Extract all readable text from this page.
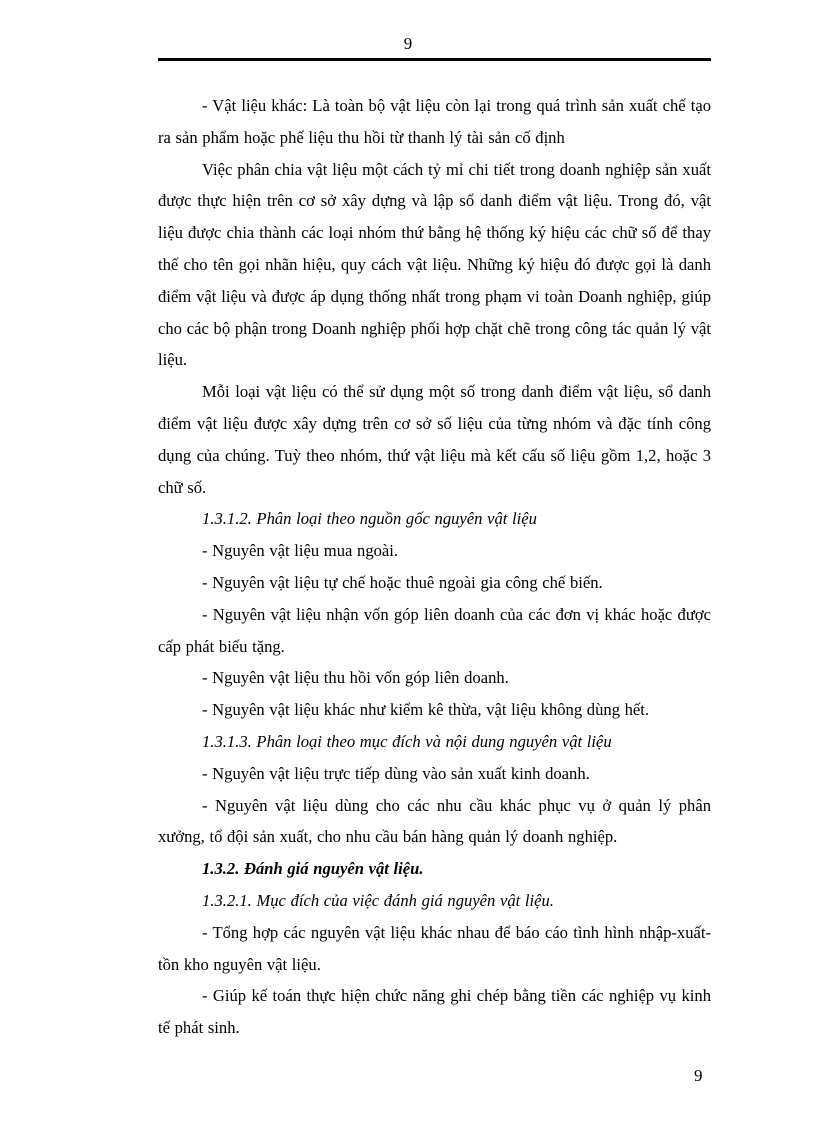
9

- Vật liệu khác: Là toàn bộ vật liệu còn lại trong quá trình sản xuất chế tạo ra sản phẩm hoặc phế liệu thu hồi từ thanh lý tài sản cố định

Việc phân chia vật liệu một cách tỷ mỉ chi tiết trong doanh nghiệp sản xuất được thực hiện trên cơ sở xây dựng và lập sổ danh điểm vật liệu. Trong đó, vật liệu được chia thành các loại nhóm thứ bằng hệ thống ký hiệu các chữ số để thay thế cho tên gọi nhãn hiệu, quy cách vật liệu. Những ký hiệu đó được gọi là danh điểm vật liệu và được áp dụng thống nhất trong phạm vi toàn Doanh nghiệp, giúp cho các bộ phận trong Doanh nghiệp phối hợp chặt chẽ trong công tác quản lý vật liệu.

Mỗi loại vật liệu có thể sử dụng một số trong danh điểm vật liệu, sổ danh điểm vật liệu được xây dựng trên cơ sở số liệu của từng nhóm và đặc tính công dụng của chúng. Tuỳ theo nhóm, thứ vật liệu mà kết cấu số liệu gồm 1,2, hoặc 3 chữ số.

1.3.1.2. Phân loại theo nguồn gốc nguyên vật liệu

- Nguyên vật liệu mua ngoài.

- Nguyên vật liệu tự chế hoặc thuê ngoài gia công chế biến.

- Nguyên vật liệu nhận vốn góp liên doanh của các đơn vị khác hoặc được cấp phát biếu tặng.

- Nguyên vật liệu thu hồi vốn góp liên doanh.

- Nguyên vật liệu khác như kiểm kê thừa, vật liệu không dùng hết.

1.3.1.3. Phân loại theo mục đích và nội dung nguyên vật liệu

- Nguyên vật liệu trực tiếp dùng vào sản xuất kinh doanh.

- Nguyên vật liệu dùng cho các nhu cầu khác phục vụ ở quản lý phân xưởng, tổ đội sản xuất, cho nhu cầu bán hàng quản lý doanh nghiệp.

1.3.2. Đánh giá nguyên vật liệu.

1.3.2.1. Mục đích của việc đánh giá nguyên vật liệu.

- Tổng hợp các nguyên vật liệu khác nhau để báo cáo tình hình nhập-xuất- tồn kho nguyên vật liệu.

- Giúp kế toán thực hiện chức năng ghi chép bằng tiền các nghiệp vụ kinh tế phát sinh.

9
